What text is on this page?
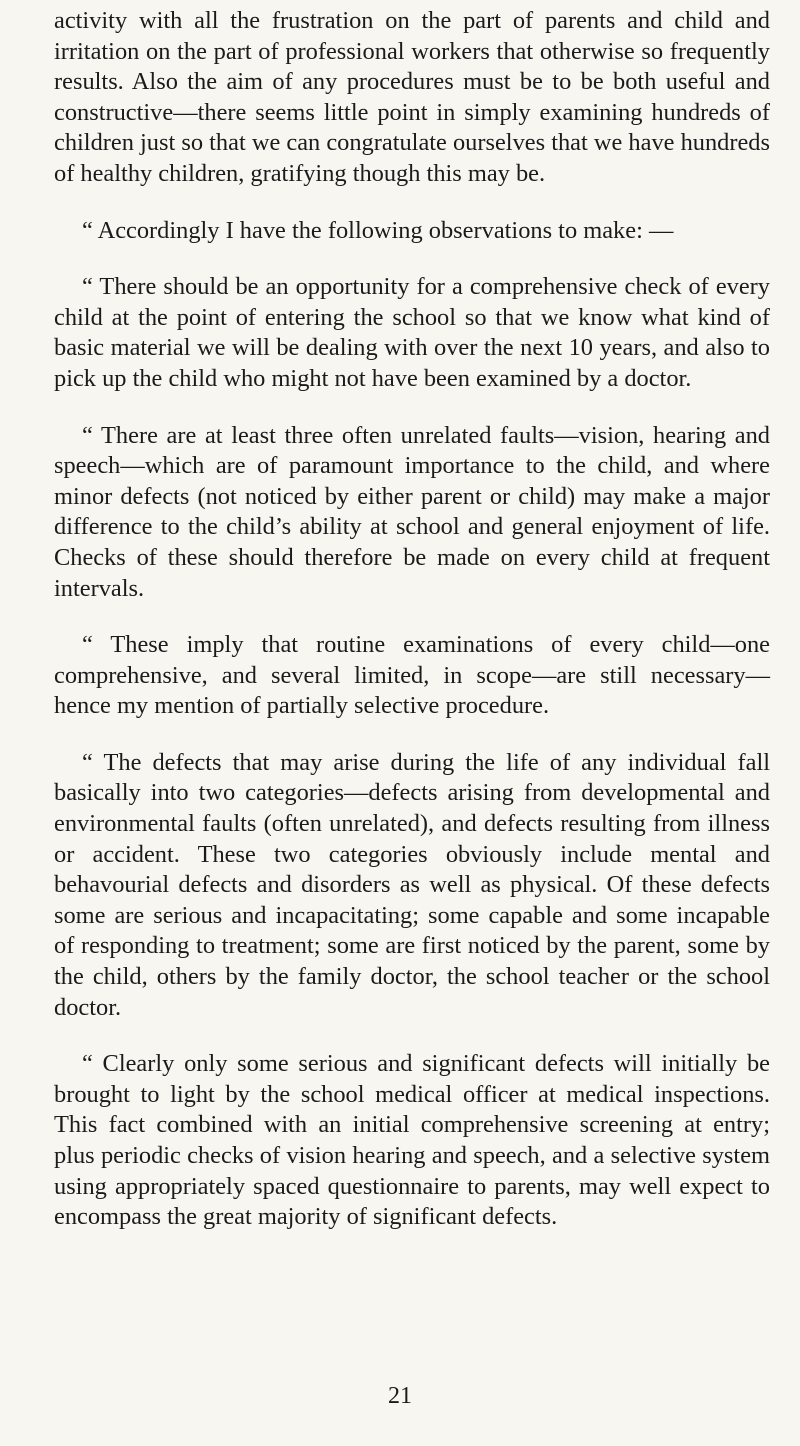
activity with all the frustration on the part of parents and child and irritation on the part of professional workers that otherwise so frequently results. Also the aim of any procedures must be to be both useful and constructive—there seems little point in simply examining hundreds of children just so that we can congratulate ourselves that we have hundreds of healthy children, gratifying though this may be.

“ Accordingly I have the following observations to make: —

“ There should be an opportunity for a comprehensive check of every child at the point of entering the school so that we know what kind of basic material we will be dealing with over the next 10 years, and also to pick up the child who might not have been examined by a doctor.

“ There are at least three often unrelated faults—vision, hearing and speech—which are of paramount importance to the child, and where minor defects (not noticed by either parent or child) may make a major difference to the child’s ability at school and general enjoyment of life. Checks of these should therefore be made on every child at frequent intervals.

“ These imply that routine examinations of every child—one comprehensive, and several limited, in scope—are still necessary—hence my mention of partially selective procedure.

“ The defects that may arise during the life of any individual fall basically into two categories—defects arising from developmental and environmental faults (often unrelated), and defects resulting from illness or accident. These two categories obviously include mental and behavourial defects and disorders as well as physical. Of these defects some are serious and incapacitating; some capable and some incapable of responding to treatment; some are first noticed by the parent, some by the child, others by the family doctor, the school teacher or the school doctor.

“ Clearly only some serious and significant defects will initially be brought to light by the school medical officer at medical inspections. This fact combined with an initial comprehensive screening at entry; plus periodic checks of vision hearing and speech, and a selective system using appropriately spaced questionnaire to parents, may well expect to encompass the great majority of significant defects.

21
